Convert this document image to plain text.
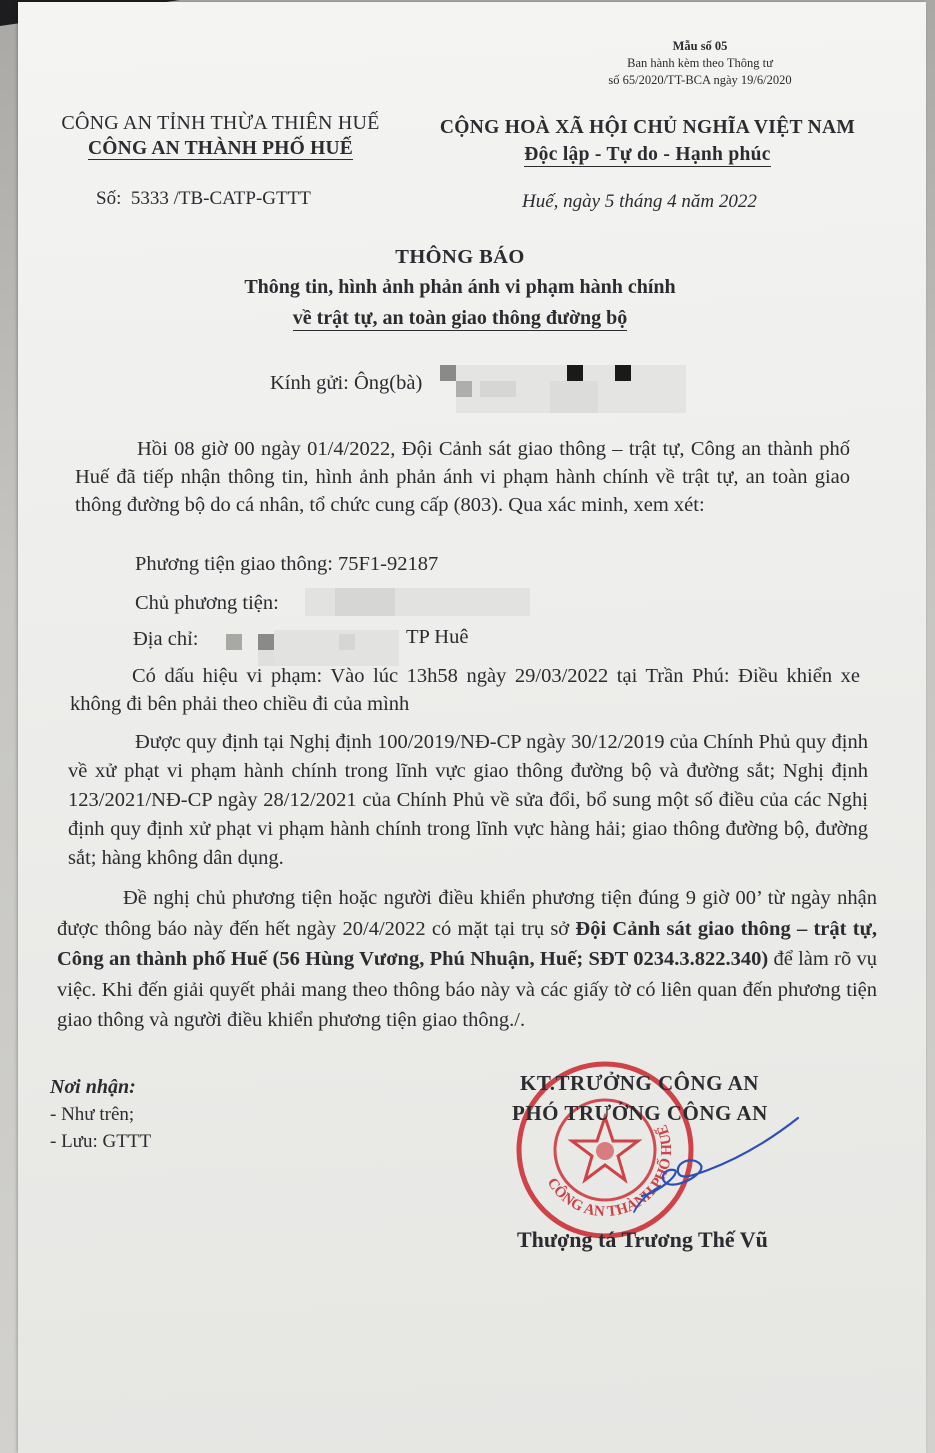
Mẫu số 05
Ban hành kèm theo Thông tư
số 65/2020/TT-BCA ngày 19/6/2020
CÔNG AN TỈNH THỪA THIÊN HUẾ
CÔNG AN THÀNH PHỐ HUẾ
CỘNG HOÀ XÃ HỘI CHỦ NGHĨA VIỆT NAM
Độc lập - Tự do - Hạnh phúc
Số: 5333 /TB-CATP-GTTT	Huế, ngày 5 tháng 4 năm 2022
THÔNG BÁO
Thông tin, hình ảnh phản ánh vi phạm hành chính
về trật tự, an toàn giao thông đường bộ
Kính gửi: Ông(bà)
Hồi 08 giờ 00 ngày 01/4/2022, Đội Cảnh sát giao thông – trật tự, Công an thành phố Huế đã tiếp nhận thông tin, hình ảnh phản ánh vi phạm hành chính về trật tự, an toàn giao thông đường bộ do cá nhân, tổ chức cung cấp (803). Qua xác minh, xem xét:
Phương tiện giao thông: 75F1-92187
Chủ phương tiện:
Địa chỉ:	TP Huê
Có dấu hiệu vi phạm: Vào lúc 13h58 ngày 29/03/2022 tại Trần Phú: Điều khiển xe không đi bên phải theo chiều đi của mình
Được quy định tại Nghị định 100/2019/NĐ-CP ngày 30/12/2019 của Chính Phủ quy định về xử phạt vi phạm hành chính trong lĩnh vực giao thông đường bộ và đường sắt; Nghị định 123/2021/NĐ-CP ngày 28/12/2021 của Chính Phủ về sửa đổi, bổ sung một số điều của các Nghị định quy định xử phạt vi phạm hành chính trong lĩnh vực hàng hải; giao thông đường bộ, đường sắt; hàng không dân dụng.
Đề nghị chủ phương tiện hoặc người điều khiển phương tiện đúng 9 giờ 00’ từ ngày nhận được thông báo này đến hết ngày 20/4/2022 có mặt tại trụ sở Đội Cảnh sát giao thông – trật tự, Công an thành phố Huế (56 Hùng Vương, Phú Nhuận, Huế; SĐT 0234.3.822.340) để làm rõ vụ việc. Khi đến giải quyết phải mang theo thông báo này và các giấy tờ có liên quan đến phương tiện giao thông và người điều khiển phương tiện giao thông./.
Nơi nhận:
- Như trên;
- Lưu: GTTT
CÔNG AN THÀNH PHỐ HUẾ
KT.TRƯỞNG CÔNG AN
PHÓ TRƯỞNG CÔNG AN
Thượng tá Trương Thế Vũ
